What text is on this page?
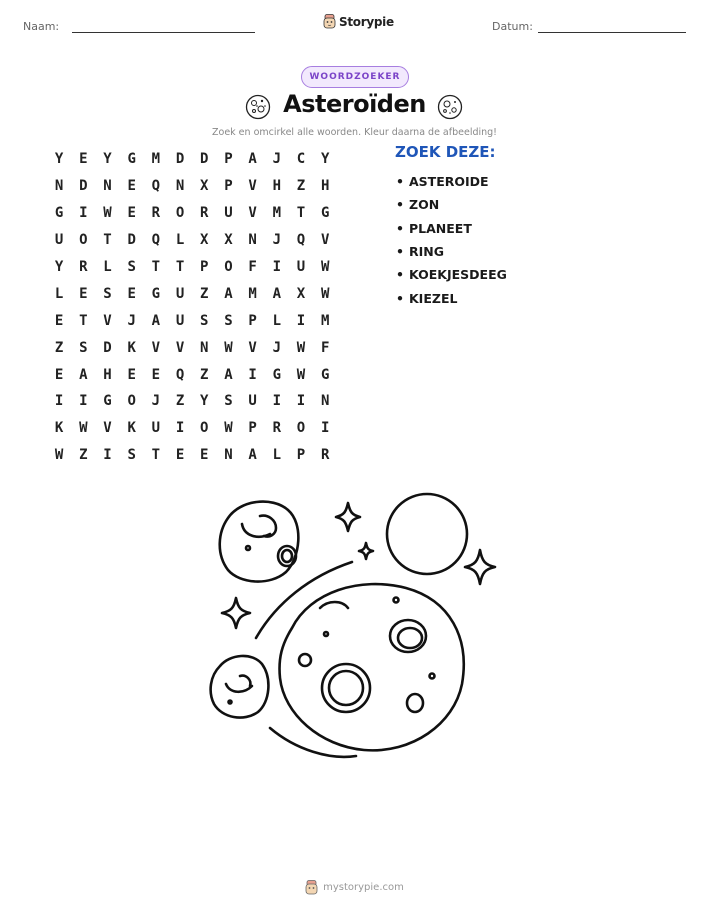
Naam:	Storypie	Datum:
WOORDZOEKER
Asteroïden
Zoek en omcirkel alle woorden. Kleur daarna de afbeelding!
Y	E	Y	G	M	D	D	P	A	J	C	Y
N	D	N	E	Q	N	X	P	V	H	Z	H
G	I	W	E	R	O	R	U	V	M	T	G
U	O	T	D	Q	L	X	X	N	J	Q	V
Y	R	L	S	T	T	P	O	F	I	U	W
L	E	S	E	G	U	Z	A	M	A	X	W
E	T	V	J	A	U	S	S	P	L	I	M
Z	S	D	K	V	V	N	W	V	J	W	F
E	A	H	E	E	Q	Z	A	I	G	W	G
I	I	G	O	J	Z	Y	S	U	I	I	N
K	W	V	K	U	I	O	W	P	R	O	I
W	Z	I	S	T	E	E	N	A	L	P	R
ZOEK DEZE:
• ASTEROIDE
• ZON
• PLANEET
• RING
• KOEKJESDEEG
• KIEZEL
mystorypie.com
